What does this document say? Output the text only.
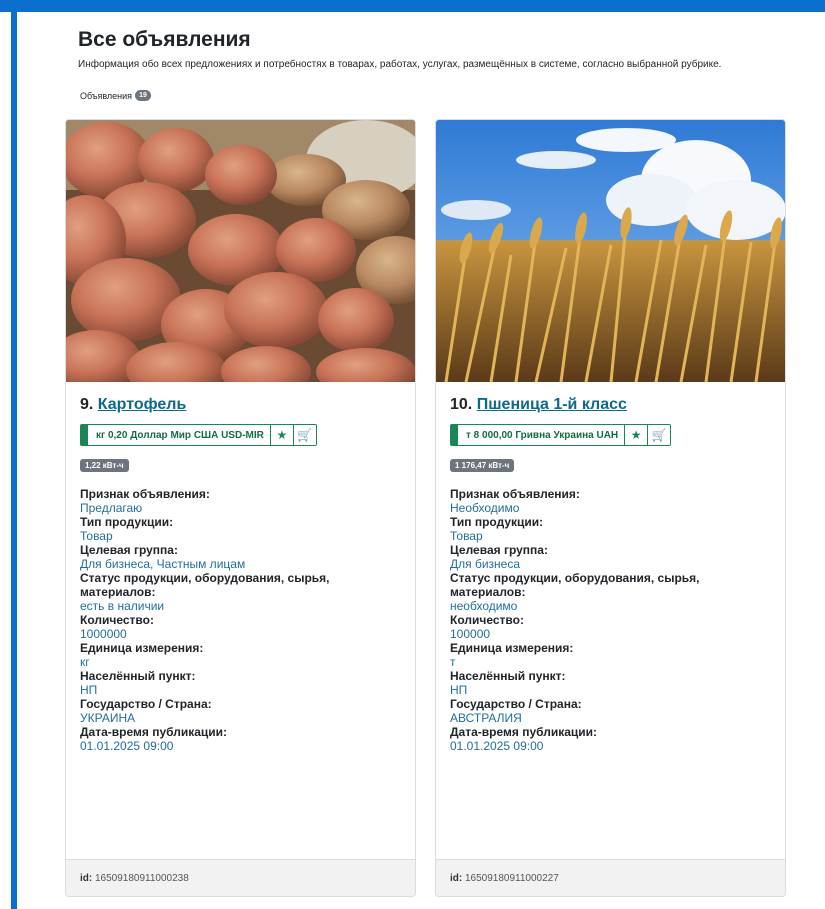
Все объявления
Информация обо всех предложениях и потребностях в товарах, работах, услугах, размещённых в системе, согласно выбранной рубрике.
Объявления	19
9. Картофель
кг 0,20 Доллар Мир США USD-MIR	★ 🛒
1,22 кВт-ч
Признак объявления:
Предлагаю
Тип продукции:
Товар
Целевая группа:
Для бизнеса, Частным лицам
Статус продукции, оборудования, сырья, материалов:
есть в наличии
Количество:
1000000
Единица измерения:
кг
Населённый пункт:
НП
Государство / Страна:
УКРАИНА
Дата-время публикации:
01.01.2025 09:00
id: 16509180911000238
10. Пшеница 1-й класс
т 8 000,00 Гривна Украина UAH	★ 🛒
1 176,47 кВт-ч
Признак объявления:
Необходимо
Тип продукции:
Товар
Целевая группа:
Для бизнеса
Статус продукции, оборудования, сырья, материалов:
необходимо
Количество:
100000
Единица измерения:
т
Населённый пункт:
НП
Государство / Страна:
АВСТРАЛИЯ
Дата-время публикации:
01.01.2025 09:00
id: 16509180911000227
